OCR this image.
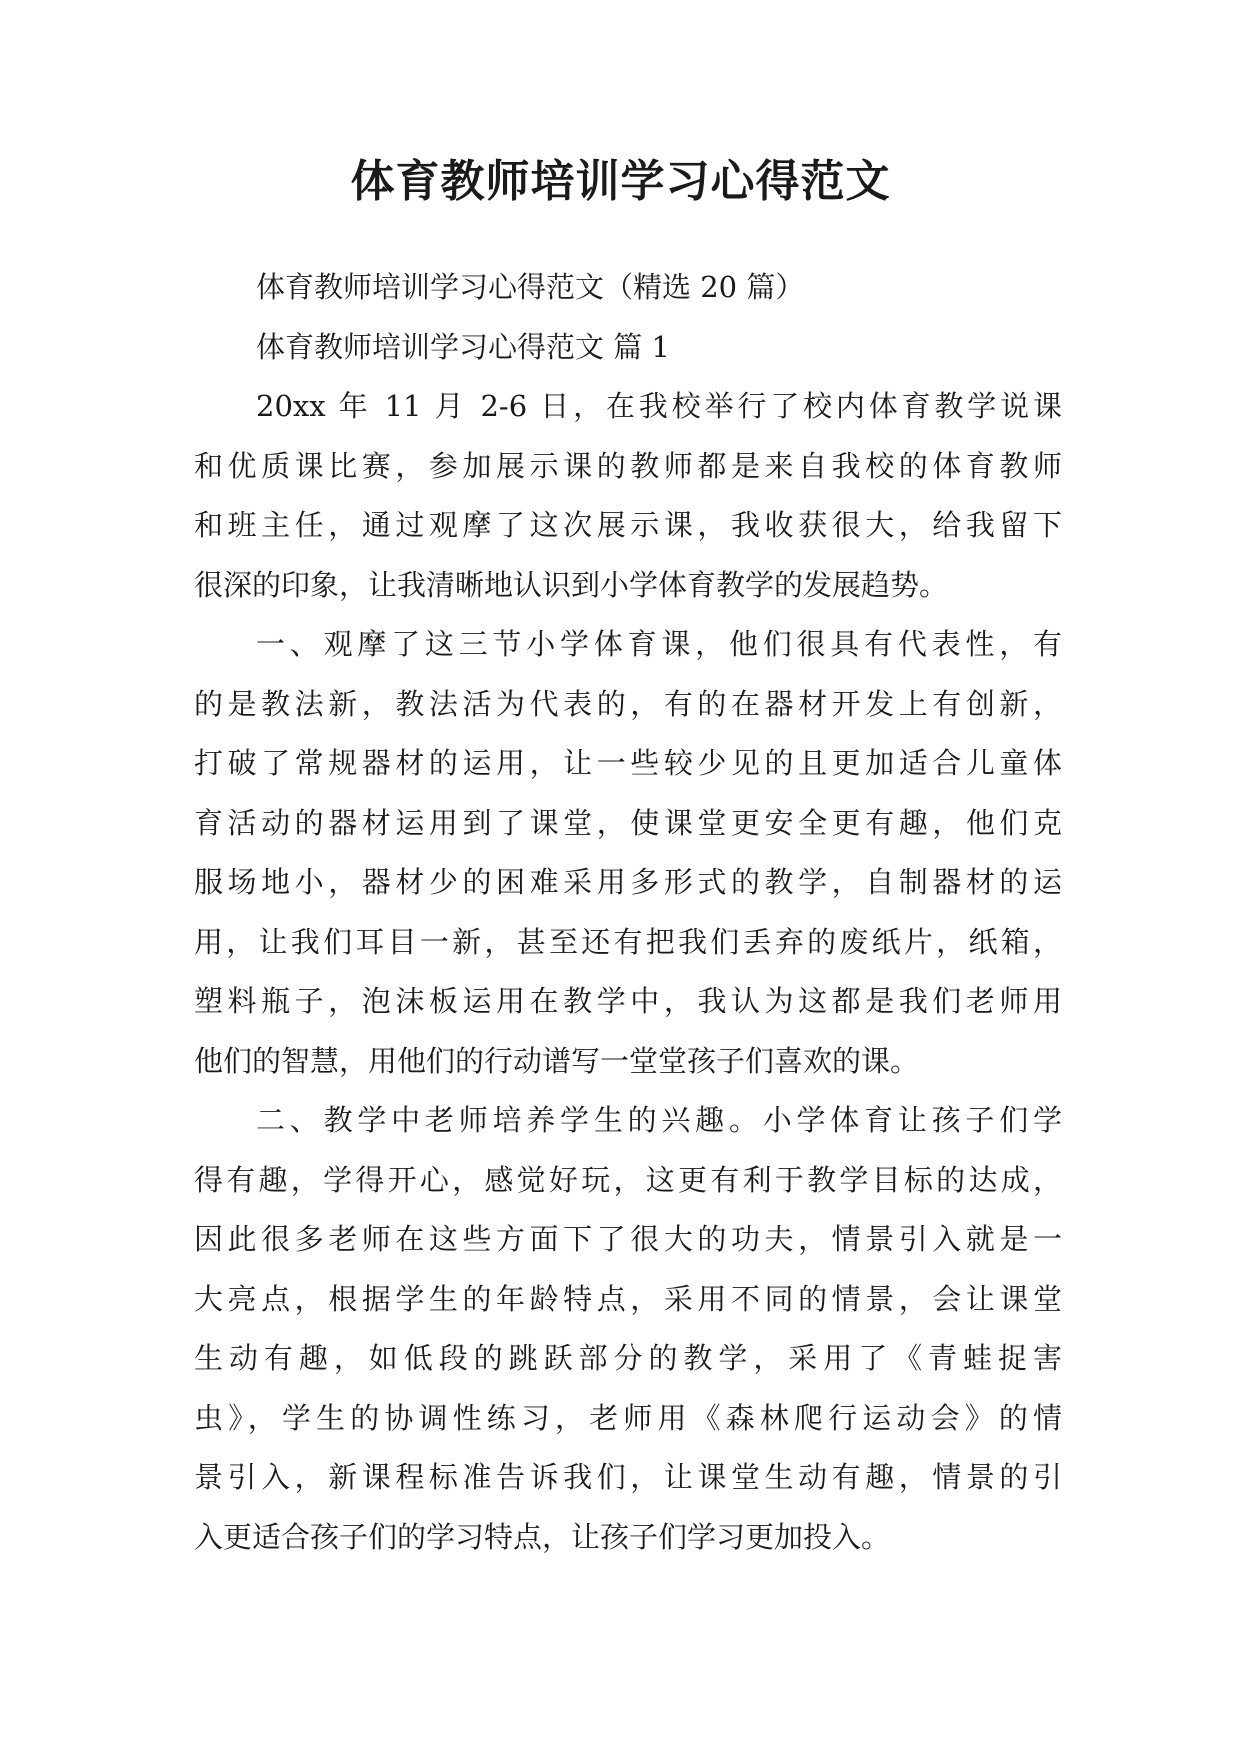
体育教师培训学习心得范文
体育教师培训学习心得范文（精选 20 篇）
体育教师培训学习心得范文 篇 1
20xx 年 11 月 2-6 日，在我校举行了校内体育教学说课
和优质课比赛，参加展示课的教师都是来自我校的体育教师
和班主任，通过观摩了这次展示课，我收获很大，给我留下
很深的印象，让我清晰地认识到小学体育教学的发展趋势。
一、观摩了这三节小学体育课，他们很具有代表性，有
的是教法新，教法活为代表的，有的在器材开发上有创新，
打破了常规器材的运用，让一些较少见的且更加适合儿童体
育活动的器材运用到了课堂，使课堂更安全更有趣，他们克
服场地小，器材少的困难采用多形式的教学，自制器材的运
用，让我们耳目一新，甚至还有把我们丢弃的废纸片，纸箱，
塑料瓶子，泡沫板运用在教学中，我认为这都是我们老师用
他们的智慧，用他们的行动谱写一堂堂孩子们喜欢的课。
二、教学中老师培养学生的兴趣。小学体育让孩子们学
得有趣，学得开心，感觉好玩，这更有利于教学目标的达成，
因此很多老师在这些方面下了很大的功夫，情景引入就是一
大亮点，根据学生的年龄特点，采用不同的情景，会让课堂
生动有趣，如低段的跳跃部分的教学，采用了《青蛙捉害
虫》，学生的协调性练习，老师用《森林爬行运动会》的情
景引入，新课程标准告诉我们，让课堂生动有趣，情景的引
入更适合孩子们的学习特点，让孩子们学习更加投入。
